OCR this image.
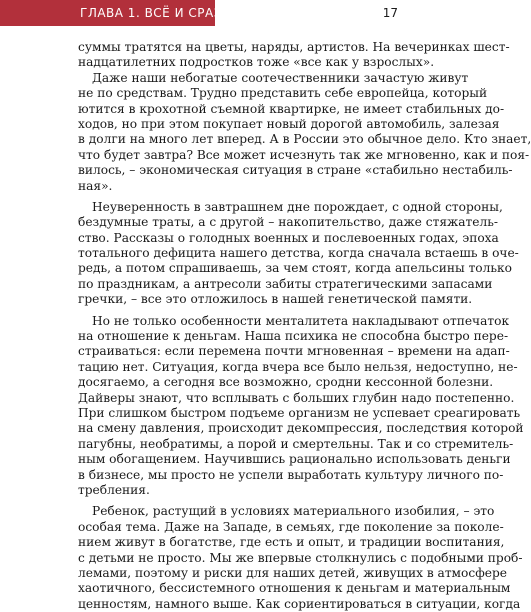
ГЛАВА 1. ВСЁ И СРАЗУ	17
суммы тратятся на цветы, наряды, артистов. На вечеринках шест-
надцатилетних подростков тоже «все как у взрослых».
Даже наши небогатые соотечественники зачастую живут
не по средствам. Трудно представить себе европейца, который
ютится в крохотной съемной квартирке, не имеет стабильных до-
ходов, но при этом покупает новый дорогой автомобиль, залезая
в долги на много лет вперед. А в России это обычное дело. Кто знает,
что будет завтра? Все может исчезнуть так же мгновенно, как и поя-
вилось, – экономическая ситуация в стране «стабильно нестабиль-
ная».
Неуверенность в завтрашнем дне порождает, с одной стороны,
бездумные траты, а с другой – накопительство, даже стяжатель-
ство. Рассказы о голодных военных и послевоенных годах, эпоха
тотального дефицита нашего детства, когда сначала встаешь в оче-
редь, а потом спрашиваешь, за чем стоят, когда апельсины только
по праздникам, а антресоли забиты стратегическими запасами
гречки, – все это отложилось в нашей генетической памяти.
Но не только особенности менталитета накладывают отпечаток
на отношение к деньгам. Наша психика не способна быстро пере-
страиваться: если перемена почти мгновенная – времени на адап-
тацию нет. Ситуация, когда вчера все было нельзя, недоступно, не-
досягаемо, а сегодня все возможно, сродни кессонной болезни.
Дайверы знают, что всплывать с больших глубин надо постепенно.
При слишком быстром подъеме организм не успевает среагировать
на смену давления, происходит декомпрессия, последствия которой
пагубны, необратимы, а порой и смертельны. Так и со стремитель-
ным обогащением. Научившись рационально использовать деньги
в бизнесе, мы просто не успели выработать культуру личного по-
требления.
Ребенок, растущий в условиях материального изобилия, – это
особая тема. Даже на Западе, в семьях, где поколение за поколе-
нием живут в богатстве, где есть и опыт, и традиции воспитания,
с детьми не просто. Мы же впервые столкнулись с подобными проб-
лемами, поэтому и риски для наших детей, живущих в атмосфере
хаотичного, бессистемного отношения к деньгам и материальным
ценностям, намного выше. Как сориентироваться в ситуации, когда
